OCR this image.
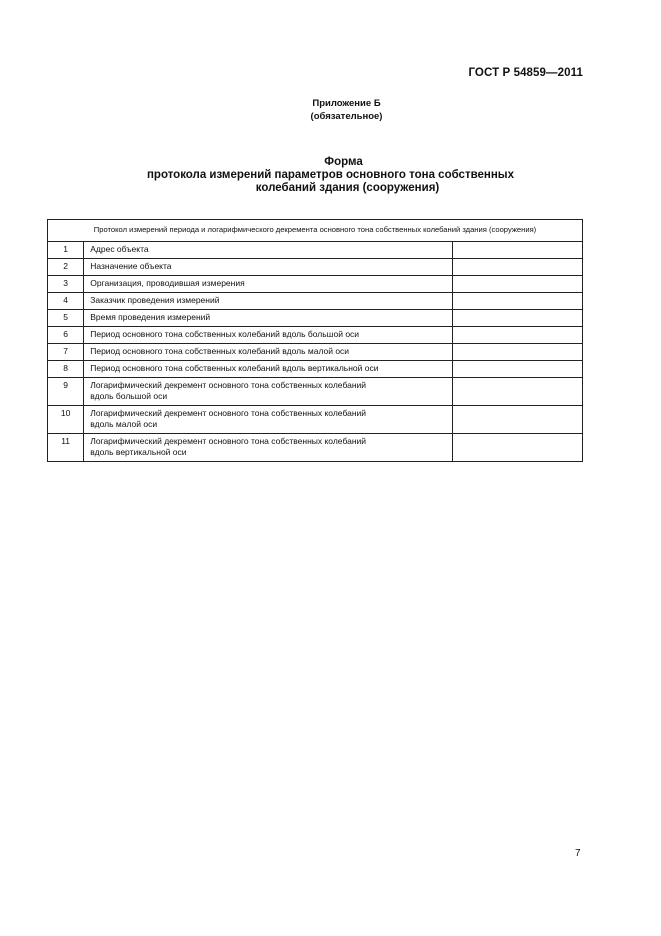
ГОСТ Р 54859—2011
Приложение Б
(обязательное)
Форма
протокола измерений параметров основного тона собственных
колебаний здания (сооружения)
Протокол измерений периода и логарифмического декремента основного тона собственных колебаний здания (сооружения)		
1	Адрес объекта	
2	Назначение объекта	
3	Организация, проводившая измерения	
4	Заказчик проведения измерений	
5	Время проведения измерений	
6	Период основного тона собственных колебаний вдоль большой оси	
7	Период основного тона собственных колебаний вдоль малой оси	
8	Период основного тона собственных колебаний вдоль вертикальной оси	
9	Логарифмический декремент основного тона собственных колебаний
вдоль большой оси	

10	Логарифмический декремент основного тона собственных колебаний
вдоль малой оси	

11	Логарифмический декремент основного тона собственных колебаний
вдоль вертикальной оси	

7
